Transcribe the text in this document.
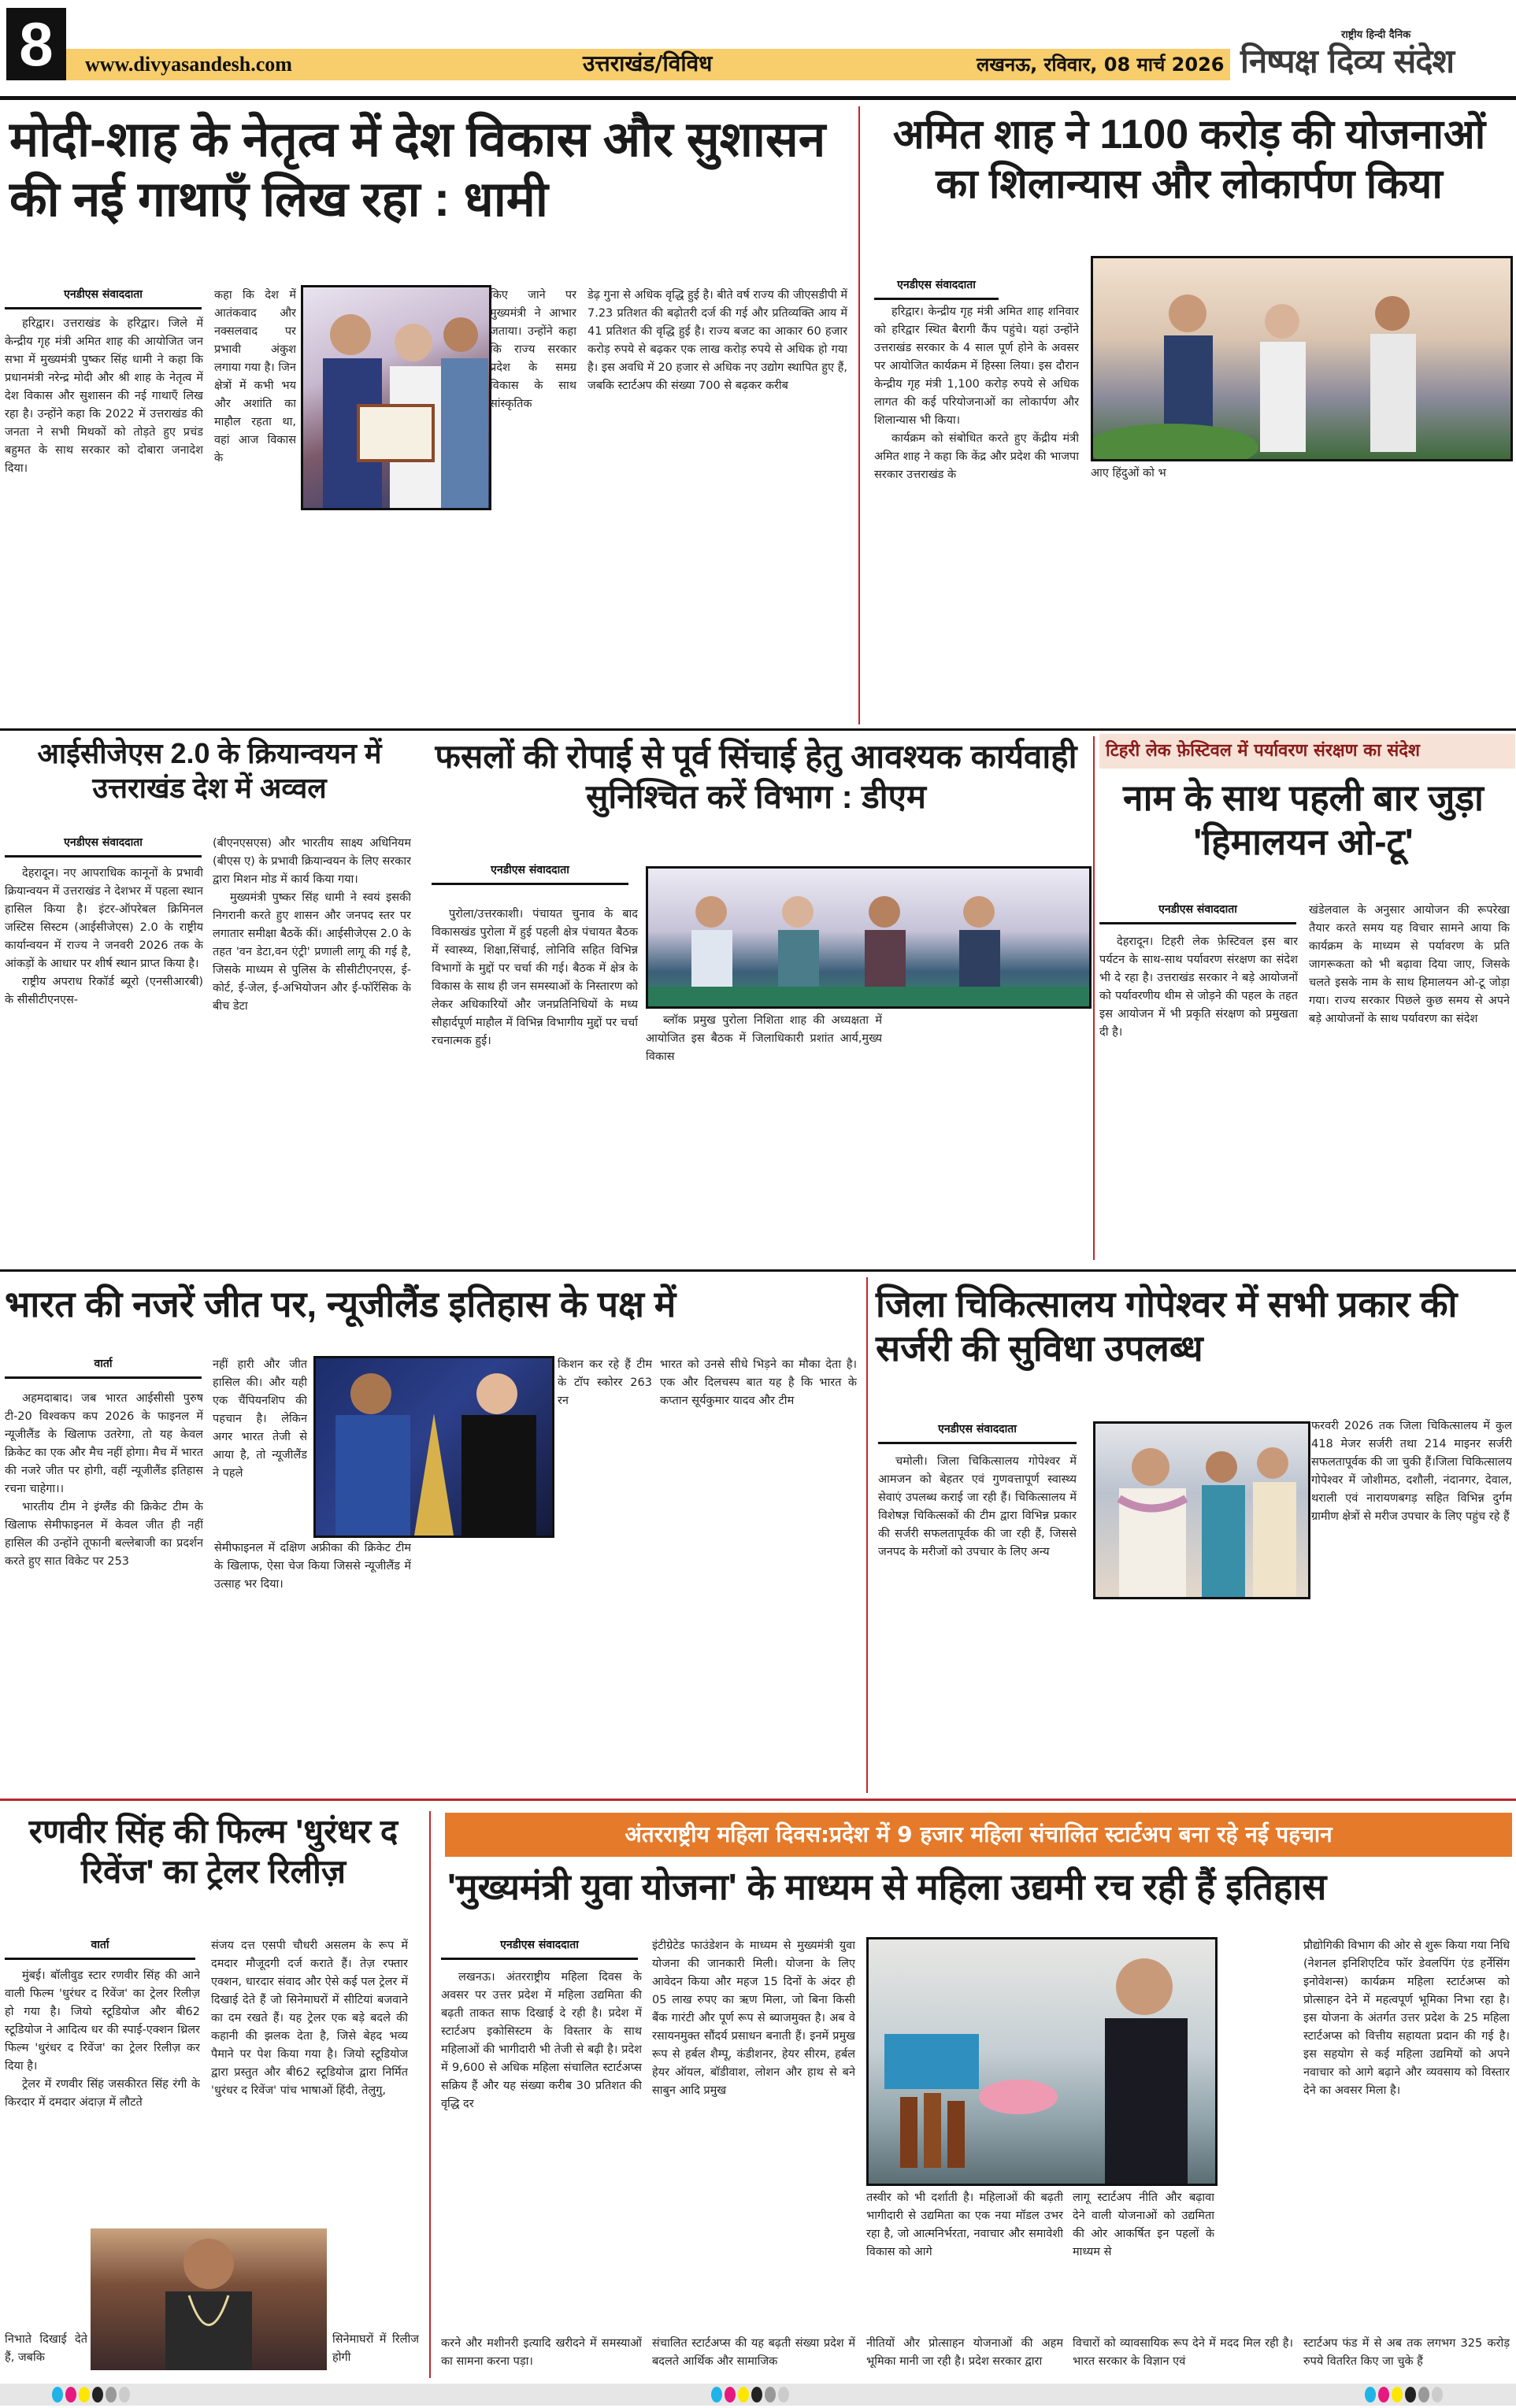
8	www.divyasandesh.com	उत्तराखंड/विविध	लखनऊ, रविवार, 08 मार्च 2026
राष्ट्रीय हिन्दी दैनिक
निष्पक्ष दिव्य संदेश
मोदी-शाह के नेतृत्व में देश विकास और सुशासन की नई गाथाएँ लिख रहा : धामी
एनडीएस संवाददाता

हरिद्वार। उत्तराखंड के हरिद्वार। जिले में केन्द्रीय गृह मंत्री अमित शाह की आयोजित जन सभा में मुख्यमंत्री पुष्कर सिंह धामी ने कहा कि प्रधानमंत्री नरेन्द्र मोदी और श्री शाह के नेतृत्व में देश विकास और सुशासन की नई गाथाएँ लिख रहा है। उन्होंने कहा कि 2022 में उत्तराखंड की जनता ने सभी मिथकों को तोड़ते हुए प्रचंड बहुमत के साथ सरकार को दोबारा जनादेश दिया।

कहा कि देश में आतंकवाद और नक्सलवाद पर प्रभावी अंकुश लगाया गया है। जिन क्षेत्रों में कभी भय और अशांति का माहौल रहता था, वहां आज विकास के

किए जाने पर मुख्यमंत्री ने आभार जताया। उन्होंने कहा कि राज्य सरकार प्रदेश के समग्र विकास के साथ सांस्कृतिक

डेढ़ गुना से अधिक वृद्धि हुई है। बीते वर्ष राज्य की जीएसडीपी में 7.23 प्रतिशत की बढ़ोतरी दर्ज की गई और प्रतिव्यक्ति आय में 41 प्रतिशत की वृद्धि हुई है। राज्य बजट का आकार 60 हजार करोड़ रुपये से बढ़कर एक लाख करोड़ रुपये से अधिक हो गया है। इस अवधि में 20 हजार से अधिक नए उद्योग स्थापित हुए हैं, जबकि स्टार्टअप की संख्या 700 से बढ़कर करीब

अमित शाह ने 1100 करोड़ की योजनाओं का शिलान्यास और लोकार्पण किया
एनडीएस संवाददाता

हरिद्वार। केन्द्रीय गृह मंत्री अमित शाह शनिवार को हरिद्वार स्थित बैरागी कैंप पहुंचे। यहां उन्होंने उत्तराखंड सरकार के 4 साल पूर्ण होने के अवसर पर आयोजित कार्यक्रम में हिस्सा लिया। इस दौरान केन्द्रीय गृह मंत्री 1,100 करोड़ रुपये से अधिक लागत की कई परियोजनाओं का लोकार्पण और शिलान्यास भी किया।

कार्यक्रम को संबोधित करते हुए केंद्रीय मंत्री अमित शाह ने कहा कि केंद्र और प्रदेश की भाजपा सरकार उत्तराखंड के	आए हिंदुओं को भ

आईसीजेएस 2.0 के क्रियान्वयन में उत्तराखंड देश में अव्वल
एनडीएस संवाददाता

देहरादून। नए आपराधिक कानूनों के प्रभावी क्रियान्वयन में उत्तराखंड ने देशभर में पहला स्थान हासिल किया है। इंटर-ऑपरेबल क्रिमिनल जस्टिस सिस्टम (आईसीजेएस) 2.0 के राष्ट्रीय कार्यान्वयन में राज्य ने जनवरी 2026 तक के आंकड़ों के आधार पर शीर्ष स्थान प्राप्त किया है।

राष्ट्रीय अपराध रिकॉर्ड ब्यूरो (एनसीआरबी) के सीसीटीएनएस-

(बीएनएसएस) और भारतीय साक्ष्य अधिनियम (बीएस ए) के प्रभावी क्रियान्वयन के लिए सरकार द्वारा मिशन मोड में कार्य किया गया।

मुख्यमंत्री पुष्कर सिंह धामी ने स्वयं इसकी निगरानी करते हुए शासन और जनपद स्तर पर लगातार समीक्षा बैठकें कीं। आईसीजेएस 2.0 के तहत 'वन डेटा,वन एंट्री' प्रणाली लागू की गई है, जिसके माध्यम से पुलिस के सीसीटीएनएस, ई-कोर्ट, ई-जेल, ई-अभियोजन और ई-फॉरेंसिक के बीच डेटा

फसलों की रोपाई से पूर्व सिंचाई हेतु आवश्यक कार्यवाही सुनिश्चित करें विभाग : डीएम
एनडीएस संवाददाता

पुरोला/उत्तरकाशी। पंचायत चुनाव के बाद विकासखंड पुरोला में हुई पहली क्षेत्र पंचायत बैठक में स्वास्थ्य, शिक्षा,सिंचाई, लोनिवि सहित विभिन्न विभागों के मुद्दों पर चर्चा की गई। बैठक में क्षेत्र के विकास के साथ ही जन समस्याओं के निस्तारण को लेकर अधिकारियों और जनप्रतिनिधियों के मध्य सौहार्दपूर्ण माहौल में विभिन्न विभागीय मुद्दों पर चर्चा रचनात्मक हुई।

ब्लॉक प्रमुख पुरोला निशिता शाह की अध्यक्षता में आयोजित इस बैठक में जिलाधिकारी प्रशांत आर्य,मुख्य विकास

टिहरी लेक फ़ेस्टिवल में पर्यावरण संरक्षण का संदेश
नाम के साथ पहली बार जुड़ा 'हिमालयन ओ-टू'
एनडीएस संवाददाता

देहरादून। टिहरी लेक फ़ेस्टिवल इस बार पर्यटन के साथ-साथ पर्यावरण संरक्षण का संदेश भी दे रहा है। उत्तराखंड सरकार ने बड़े आयोजनों को पर्यावरणीय थीम से जोड़ने की पहल के तहत इस आयोजन में भी प्रकृति संरक्षण को प्रमुखता दी है।

खंडेलवाल के अनुसार आयोजन की रूपरेखा तैयार करते समय यह विचार सामने आया कि कार्यक्रम के माध्यम से पर्यावरण के प्रति जागरूकता को भी बढ़ावा दिया जाए, जिसके चलते इसके नाम के साथ हिमालयन ओ-टू जोड़ा गया। राज्य सरकार पिछले कुछ समय से अपने बड़े आयोजनों के साथ पर्यावरण का संदेश

भारत की नजरें जीत पर, न्यूजीलैंड इतिहास के पक्ष में
वार्ता

अहमदाबाद। जब भारत आईसीसी पुरुष टी-20 विश्वकप कप 2026 के फाइनल में न्यूजीलैंड के खिलाफ उतरेगा, तो यह केवल क्रिकेट का एक और मैच नहीं होगा। मैच में भारत की नजरे जीत पर होगी, वहीं न्यूजीलैंड इतिहास रचना चाहेगा।।

भारतीय टीम ने इंग्लैंड की क्रिकेट टीम के खिलाफ सेमीफाइनल में केवल जीत ही नहीं हासिल की उन्होंने तूफानी बल्लेबाजी का प्रदर्शन करते हुए सात विकेट पर 253

नहीं हारी और जीत हासिल की। और यही एक चैंपियनशिप की पहचान है। लेकिन अगर भारत तेजी से आया है, तो न्यूजीलैंड ने पहले

सेमीफाइनल में दक्षिण अफ्रीका की क्रिकेट टीम के खिलाफ, ऐसा चेज किया जिससे न्यूजीलैंड में उत्साह भर दिया।

किशन कर रहे हैं टीम के टॉप स्कोरर 263 रन

भारत को उनसे सीधे भिड़ने का मौका देता है। एक और दिलचस्प बात यह है कि भारत के कप्तान सूर्यकुमार यादव और टीम

जिला चिकित्सालय गोपेश्वर में सभी प्रकार की सर्जरी की सुविधा उपलब्ध
एनडीएस संवाददाता

चमोली। जिला चिकित्सालय गोपेश्वर में आमजन को बेहतर एवं गुणवत्तापूर्ण स्वास्थ्य सेवाएं उपलब्ध कराई जा रही हैं। चिकित्सालय में विशेषज्ञ चिकित्सकों की टीम द्वारा विभिन्न प्रकार की सर्जरी सफलतापूर्वक की जा रही हैं, जिससे जनपद के मरीजों को उपचार के लिए अन्य

फरवरी 2026 तक जिला चिकित्सालय में कुल 418 मेजर सर्जरी तथा 214 माइनर सर्जरी सफलतापूर्वक की जा चुकी हैं।जिला चिकित्सालय गोपेश्वर में जोशीमठ, दशौली, नंदानगर, देवाल, थराली एवं नारायणबगड़ सहित विभिन्न दुर्गम ग्रामीण क्षेत्रों से मरीज उपचार के लिए पहुंच रहे हैं

रणवीर सिंह की फिल्म 'धुरंधर द रिवेंज' का ट्रेलर रिलीज़
वार्ता

मुंबई। बॉलीवुड स्टार रणवीर सिंह की आने वाली फिल्म 'धुरंधर द रिवेंज' का ट्रेलर रिलीज़ हो गया है। जियो स्टूडियोज और बी62 स्टूडियोज ने आदित्य धर की स्पाई-एक्शन थ्रिलर फिल्म 'धुरंधर द रिवेंज' का ट्रेलर रिलीज़ कर दिया है।

ट्रेलर में रणवीर सिंह जसकीरत सिंह रंगी के किरदार में दमदार अंदाज़ में लौटते

संजय दत्त एसपी चौधरी असलम के रूप में दमदार मौजूदगी दर्ज कराते हैं। तेज़ रफ्तार एक्शन, धारदार संवाद और ऐसे कई पल ट्रेलर में दिखाई देते हैं जो सिनेमाघरों में सीटियां बजवाने का दम रखते हैं। यह ट्रेलर एक बड़े बदले की कहानी की झलक देता है, जिसे बेहद भव्य पैमाने पर पेश किया गया है। जियो स्टूडियोज द्वारा प्रस्तुत और बी62 स्टूडियोज द्वारा निर्मित 'धुरंधर द रिवेंज' पांच भाषाओं हिंदी, तेलुगु,

निभाते दिखाई देते हैं, जबकि

सिनेमाघरों में रिलीज होगी

अंतरराष्ट्रीय महिला दिवस:प्रदेश में 9 हजार महिला संचालित स्टार्टअप बना रहे नई पहचान
'मुख्यमंत्री युवा योजना' के माध्यम से महिला उद्यमी रच रही हैं इतिहास
एनडीएस संवाददाता

लखनऊ। अंतरराष्ट्रीय महिला दिवस के अवसर पर उत्तर प्रदेश में महिला उद्यमिता की बढ़ती ताकत साफ दिखाई दे रही है। प्रदेश में स्टार्टअप इकोसिस्टम के विस्तार के साथ महिलाओं की भागीदारी भी तेजी से बढ़ी है। प्रदेश में 9,600 से अधिक महिला संचालित स्टार्टअप्स सक्रिय हैं और यह संख्या करीब 30 प्रतिशत की वृद्धि दर

इंटीग्रेटेड फाउंडेशन के माध्यम से मुख्यमंत्री युवा योजना की जानकारी मिली। योजना के लिए आवेदन किया और महज 15 दिनों के अंदर ही 05 लाख रुपए का ऋण मिला, जो बिना किसी बैंक गारंटी और पूर्ण रूप से ब्याजमुक्त है। अब वे रसायनमुक्त सौंदर्य प्रसाधन बनाती हैं। इनमें प्रमुख रूप से हर्बल शैम्पू, कंडीशनर, हेयर सीरम, हर्बल हेयर ऑयल, बॉडीवाश, लोशन और हाथ से बने साबुन आदि प्रमुख

तस्वीर को भी दर्शाती है। महिलाओं की बढ़ती भागीदारी से उद्यमिता का एक नया मॉडल उभर रहा है, जो आत्मनिर्भरता, नवाचार और समावेशी विकास को आगे

लागू स्टार्टअप नीति और बढ़ावा देने वाली योजनाओं को उद्यमिता की ओर आकर्षित इन पहलों के माध्यम से

प्रौद्योगिकी विभाग की ओर से शुरू किया गया निधि (नेशनल इनिशिएटिव फॉर डेवलपिंग एंड हर्नेसिंग इनोवेशन्स) कार्यक्रम महिला स्टार्टअप्स को प्रोत्साहन देने में महत्वपूर्ण भूमिका निभा रहा है। इस योजना के अंतर्गत उत्तर प्रदेश के 25 महिला स्टार्टअप्स को वित्तीय सहायता प्रदान की गई है। इस सहयोग से कई महिला उद्यमियों को अपने नवाचार को आगे बढ़ाने और व्यवसाय को विस्तार देने का अवसर मिला है।

करने और मशीनरी इत्यादि खरीदने में समस्याओं का सामना करना पड़ा।

संचालित स्टार्टअप्स की यह बढ़ती संख्या प्रदेश में बदलते आर्थिक और सामाजिक

नीतियों और प्रोत्साहन योजनाओं की अहम भूमिका मानी जा रही है। प्रदेश सरकार द्वारा

विचारों को व्यावसायिक रूप देने में मदद मिल रही है। भारत सरकार के विज्ञान एवं

स्टार्टअप फंड में से अब तक लगभग 325 करोड़ रुपये वितरित किए जा चुके हैं
